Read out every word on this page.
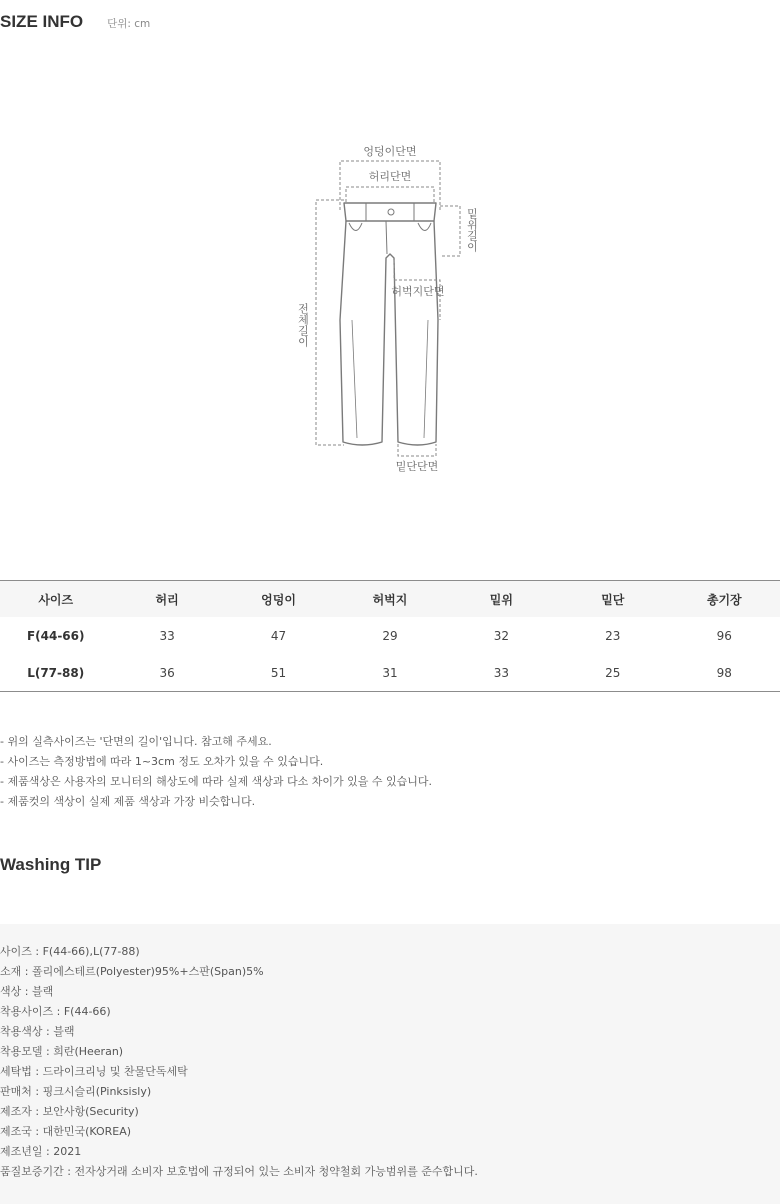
SIZE INFO 단위: cm
엉덩이단면
허리단면
밑위길이
허벅지단면
전체길이
밑단단면
사이즈	허리	엉덩이	허벅지	밑위	밑단	총기장
F(44-66)	33	47	29	32	23	96
L(77-88)	36	51	31	33	25	98
- 위의 실측사이즈는 '단면의 길이'입니다. 참고해 주세요.
- 사이즈는 측정방법에 따라 1~3cm 정도 오차가 있을 수 있습니다.
- 제품색상은 사용자의 모니터의 해상도에 따라 실제 색상과 다소 차이가 있을 수 있습니다.
- 제품컷의 색상이 실제 제품 색상과 가장 비슷합니다.
Washing TIP
사이즈 : F(44-66),L(77-88)
소재 : 폴리에스테르(Polyester)95%+스판(Span)5%
색상 : 블랙
착용사이즈 : F(44-66)
착용색상 : 블랙
착용모델 : 희란(Heeran)
세탁법 : 드라이크리닝 및 찬물단독세탁
판매처 : 핑크시슬리(Pinksisly)
제조자 : 보안사항(Security)
제조국 : 대한민국(KOREA)
제조년일 : 2021
품질보증기간 : 전자상거래 소비자 보호법에 규정되어 있는 소비자 청약철회 가능범위를 준수합니다.
